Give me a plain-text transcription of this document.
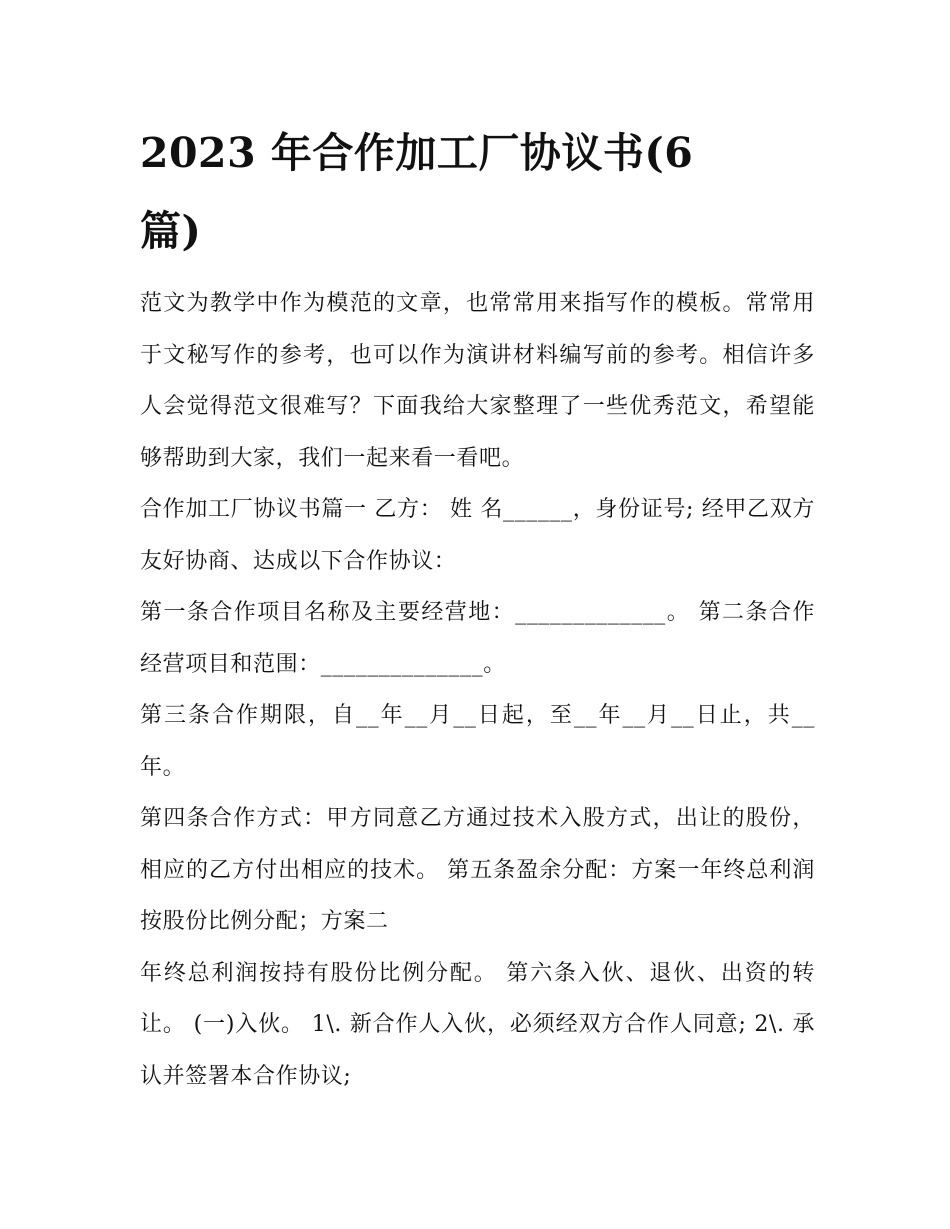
2023 年合作加工厂协议书(6 篇)

范文为教学中作为模范的文章，也常常用来指写作的模板。常常用于文秘写作的参考，也可以作为演讲材料编写前的参考。相信许多人会觉得范文很难写？下面我给大家整理了一些优秀范文，希望能够帮助到大家，我们一起来看一看吧。

合作加工厂协议书篇一 乙方： 姓 名______，身份证号; 经甲乙双方友好协商、达成以下合作协议：

第一条合作项目名称及主要经营地：_____________。 第二条合作经营项目和范围：______________。

第三条合作期限，自__年__月__日起，至__年__月__日止，共__年。

第四条合作方式：甲方同意乙方通过技术入股方式，出让的股份，相应的乙方付出相应的技术。 第五条盈余分配：方案一年终总利润按股份比例分配；方案二

年终总利润按持有股份比例分配。 第六条入伙、退伙、出资的转让。 (一)入伙。 1\. 新合作人入伙，必须经双方合作人同意; 2\. 承认并签署本合作协议;
